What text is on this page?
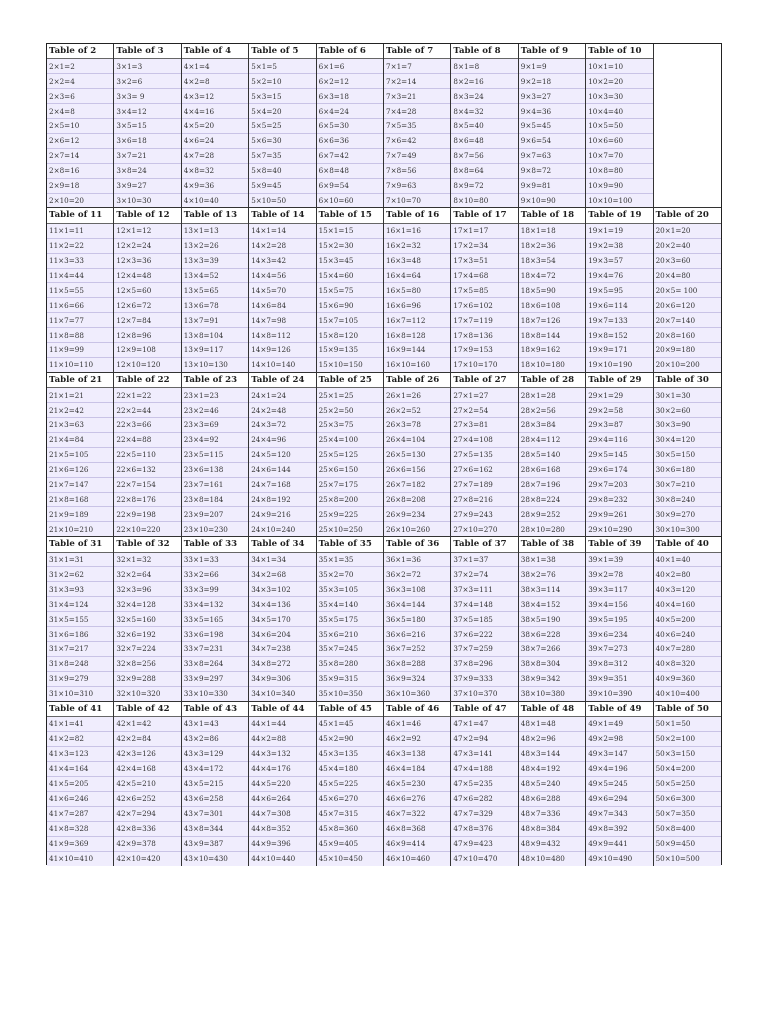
Table of 2
2×1=2
2×2=4
2×3=6
2×4=8
2×5=10
2×6=12
2×7=14
2×8=16
2×9=18
2×10=20
Table of 3
3×1=3
3×2=6
3×3= 9
3×4=12
3×5=15
3×6=18
3×7=21
3×8=24
3×9=27
3×10=30
Table of 4
4×1=4
4×2=8
4×3=12
4×4=16
4×5=20
4×6=24
4×7=28
4×8=32
4×9=36
4×10=40
Table of 5
5×1=5
5×2=10
5×3=15
5×4=20
5×5=25
5×6=30
5×7=35
5×8=40
5×9=45
5×10=50
Table of 6
6×1=6
6×2=12
6×3=18
6×4=24
6×5=30
6×6=36
6×7=42
6×8=48
6×9=54
6×10=60
Table of 7
7×1=7
7×2=14
7×3=21
7×4=28
7×5=35
7×6=42
7×7=49
7×8=56
7×9=63
7×10=70
Table of 8
8×1=8
8×2=16
8×3=24
8×4=32
8×5=40
8×6=48
8×7=56
8×8=64
8×9=72
8×10=80
Table of 9
9×1=9
9×2=18
9×3=27
9×4=36
9×5=45
9×6=54
9×7=63
9×8=72
9×9=81
9×10=90
Table of 10
10×1=10
10×2=20
10×3=30
10×4=40
10×5=50
10×6=60
10×7=70
10×8=80
10×9=90
10×10=100
Table of 11
11×1=11
11×2=22
11×3=33
11×4=44
11×5=55
11×6=66
11×7=77
11×8=88
11×9=99
11×10=110
Table of 12
12×1=12
12×2=24
12×3=36
12×4=48
12×5=60
12×6=72
12×7=84
12×8=96
12×9=108
12×10=120
Table of 13
13×1=13
13×2=26
13×3=39
13×4=52
13×5=65
13×6=78
13×7=91
13×8=104
13×9=117
13×10=130
Table of 14
14×1=14
14×2=28
14×3=42
14×4=56
14×5=70
14×6=84
14×7=98
14×8=112
14×9=126
14×10=140
Table of 15
15×1=15
15×2=30
15×3=45
15×4=60
15×5=75
15×6=90
15×7=105
15×8=120
15×9=135
15×10=150
Table of 16
16×1=16
16×2=32
16×3=48
16×4=64
16×5=80
16×6=96
16×7=112
16×8=128
16×9=144
16×10=160
Table of 17
17×1=17
17×2=34
17×3=51
17×4=68
17×5=85
17×6=102
17×7=119
17×8=136
17×9=153
17×10=170
Table of 18
18×1=18
18×2=36
18×3=54
18×4=72
18×5=90
18×6=108
18×7=126
18×8=144
18×9=162
18×10=180
Table of 19
19×1=19
19×2=38
19×3=57
19×4=76
19×5=95
19×6=114
19×7=133
19×8=152
19×9=171
19×10=190
Table of 20
20×1=20
20×2=40
20×3=60
20×4=80
20×5= 100
20×6=120
20×7=140
20×8=160
20×9=180
20×10=200
Table of 21
21×1=21
21×2=42
21×3=63
21×4=84
21×5=105
21×6=126
21×7=147
21×8=168
21×9=189
21×10=210
Table of 22
22×1=22
22×2=44
22×3=66
22×4=88
22×5=110
22×6=132
22×7=154
22×8=176
22×9=198
22×10=220
Table of 23
23×1=23
23×2=46
23×3=69
23×4=92
23×5=115
23×6=138
23×7=161
23×8=184
23×9=207
23×10=230
Table of 24
24×1=24
24×2=48
24×3=72
24×4=96
24×5=120
24×6=144
24×7=168
24×8=192
24×9=216
24×10=240
Table of 25
25×1=25
25×2=50
25×3=75
25×4=100
25×5=125
25×6=150
25×7=175
25×8=200
25×9=225
25×10=250
Table of 26
26×1=26
26×2=52
26×3=78
26×4=104
26×5=130
26×6=156
26×7=182
26×8=208
26×9=234
26×10=260
Table of 27
27×1=27
27×2=54
27×3=81
27×4=108
27×5=135
27×6=162
27×7=189
27×8=216
27×9=243
27×10=270
Table of 28
28×1=28
28×2=56
28×3=84
28×4=112
28×5=140
28×6=168
28×7=196
28×8=224
28×9=252
28×10=280
Table of 29
29×1=29
29×2=58
29×3=87
29×4=116
29×5=145
29×6=174
29×7=203
29×8=232
29×9=261
29×10=290
Table of 30
30×1=30
30×2=60
30×3=90
30×4=120
30×5=150
30×6=180
30×7=210
30×8=240
30×9=270
30×10=300
Table of 31
31×1=31
31×2=62
31×3=93
31×4=124
31×5=155
31×6=186
31×7=217
31×8=248
31×9=279
31×10=310
Table of 32
32×1=32
32×2=64
32×3=96
32×4=128
32×5=160
32×6=192
32×7=224
32×8=256
32×9=288
32×10=320
Table of 33
33×1=33
33×2=66
33×3=99
33×4=132
33×5=165
33×6=198
33×7=231
33×8=264
33×9=297
33×10=330
Table of 34
34×1=34
34×2=68
34×3=102
34×4=136
34×5=170
34×6=204
34×7=238
34×8=272
34×9=306
34×10=340
Table of 35
35×1=35
35×2=70
35×3=105
35×4=140
35×5=175
35×6=210
35×7=245
35×8=280
35×9=315
35×10=350
Table of 36
36×1=36
36×2=72
36×3=108
36×4=144
36×5=180
36×6=216
36×7=252
36×8=288
36×9=324
36×10=360
Table of 37
37×1=37
37×2=74
37×3=111
37×4=148
37×5=185
37×6=222
37×7=259
37×8=296
37×9=333
37×10=370
Table of 38
38×1=38
38×2=76
38×3=114
38×4=152
38×5=190
38×6=228
38×7=266
38×8=304
38×9=342
38×10=380
Table of 39
39×1=39
39×2=78
39×3=117
39×4=156
39×5=195
39×6=234
39×7=273
39×8=312
39×9=351
39×10=390
Table of 40
40×1=40
40×2=80
40×3=120
40×4=160
40×5=200
40×6=240
40×7=280
40×8=320
40×9=360
40×10=400
Table of 41
41×1=41
41×2=82
41×3=123
41×4=164
41×5=205
41×6=246
41×7=287
41×8=328
41×9=369
41×10=410
Table of 42
42×1=42
42×2=84
42×3=126
42×4=168
42×5=210
42×6=252
42×7=294
42×8=336
42×9=378
42×10=420
Table of 43
43×1=43
43×2=86
43×3=129
43×4=172
43×5=215
43×6=258
43×7=301
43×8=344
43×9=387
43×10=430
Table of 44
44×1=44
44×2=88
44×3=132
44×4=176
44×5=220
44×6=264
44×7=308
44×8=352
44×9=396
44×10=440
Table of 45
45×1=45
45×2=90
45×3=135
45×4=180
45×5=225
45×6=270
45×7=315
45×8=360
45×9=405
45×10=450
Table of 46
46×1=46
46×2=92
46×3=138
46×4=184
46×5=230
46×6=276
46×7=322
46×8=368
46×9=414
46×10=460
Table of 47
47×1=47
47×2=94
47×3=141
47×4=188
47×5=235
47×6=282
47×7=329
47×8=376
47×9=423
47×10=470
Table of 48
48×1=48
48×2=96
48×3=144
48×4=192
48×5=240
48×6=288
48×7=336
48×8=384
48×9=432
48×10=480
Table of 49
49×1=49
49×2=98
49×3=147
49×4=196
49×5=245
49×6=294
49×7=343
49×8=392
49×9=441
49×10=490
Table of 50
50×1=50
50×2=100
50×3=150
50×4=200
50×5=250
50×6=300
50×7=350
50×8=400
50×9=450
50×10=500
